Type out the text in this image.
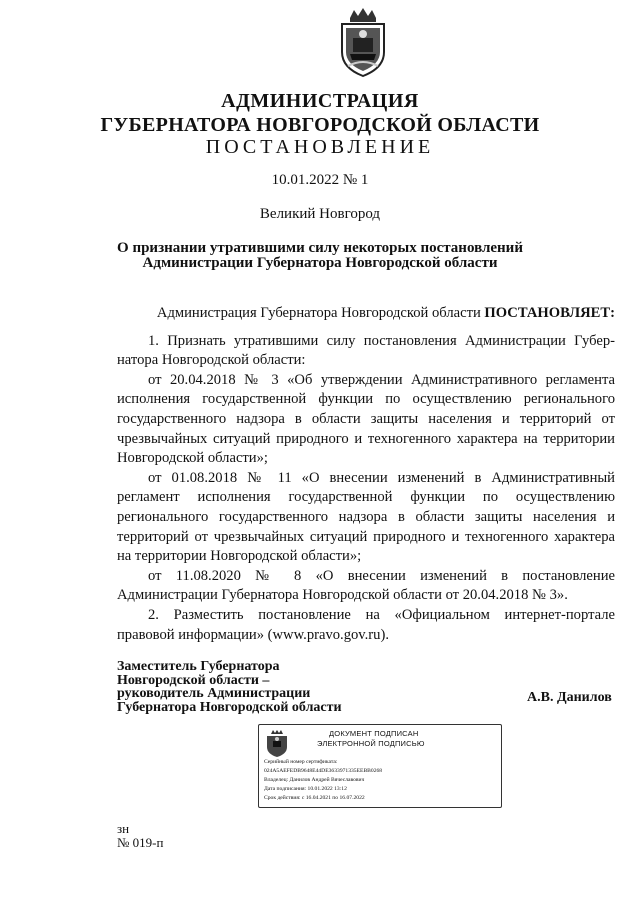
АДМИНИСТРАЦИЯ
ГУБЕРНАТОРА НОВГОРОДСКОЙ ОБЛАСТИ
ПОСТАНОВЛЕНИЕ
10.01.2022 № 1
Великий Новгород
О признании утратившими силу некоторых постановлений
Администрации Губернатора Новгородской области

Администрация Губернатора Новгородской области ПОСТАНОВЛЯЕТ:

1. Признать утратившими силу постановления Администрации Губернатора Новгородской области:

от 20.04.2018 № 3 «Об утверждении Административного регламента исполнения государственной функции по осуществлению регионального государственного надзора в области защиты населения и территорий от чрезвычайных ситуаций природного и техногенного характера на территории Новгородской области»;

от 01.08.2018 № 11 «О внесении изменений в Административный регламент исполнения государственной функции по осуществлению регионального государственного надзора в области защиты населения и территорий от чрезвычайных ситуаций природного и техногенного характера на территории Новгородской области»;

от 11.08.2020 № 8 «О внесении изменений в постановление Администрации Губернатора Новгородской области от 20.04.2018 № 3».

2. Разместить постановление на «Официальном интернет-портале правовой информации» (www.pravo.gov.ru).

Заместитель Губернатора
Новгородской области –
руководитель Администрации
Губернатора Новгородской области
А.В. Данилов
ДОКУМЕНТ ПОДПИСАН
ЭЛЕКТРОННОЙ ПОДПИСЬЮ
Серийный номер сертификата:
024A5AEFEDB9648E44DE3633971335EEBB0268
Владелец: Данилов Андрей Вячеславович
Дата подписания: 10.01.2022 13:12
Срок действия: с 16.04.2021 по 16.07.2022
зн
№ 019-п
